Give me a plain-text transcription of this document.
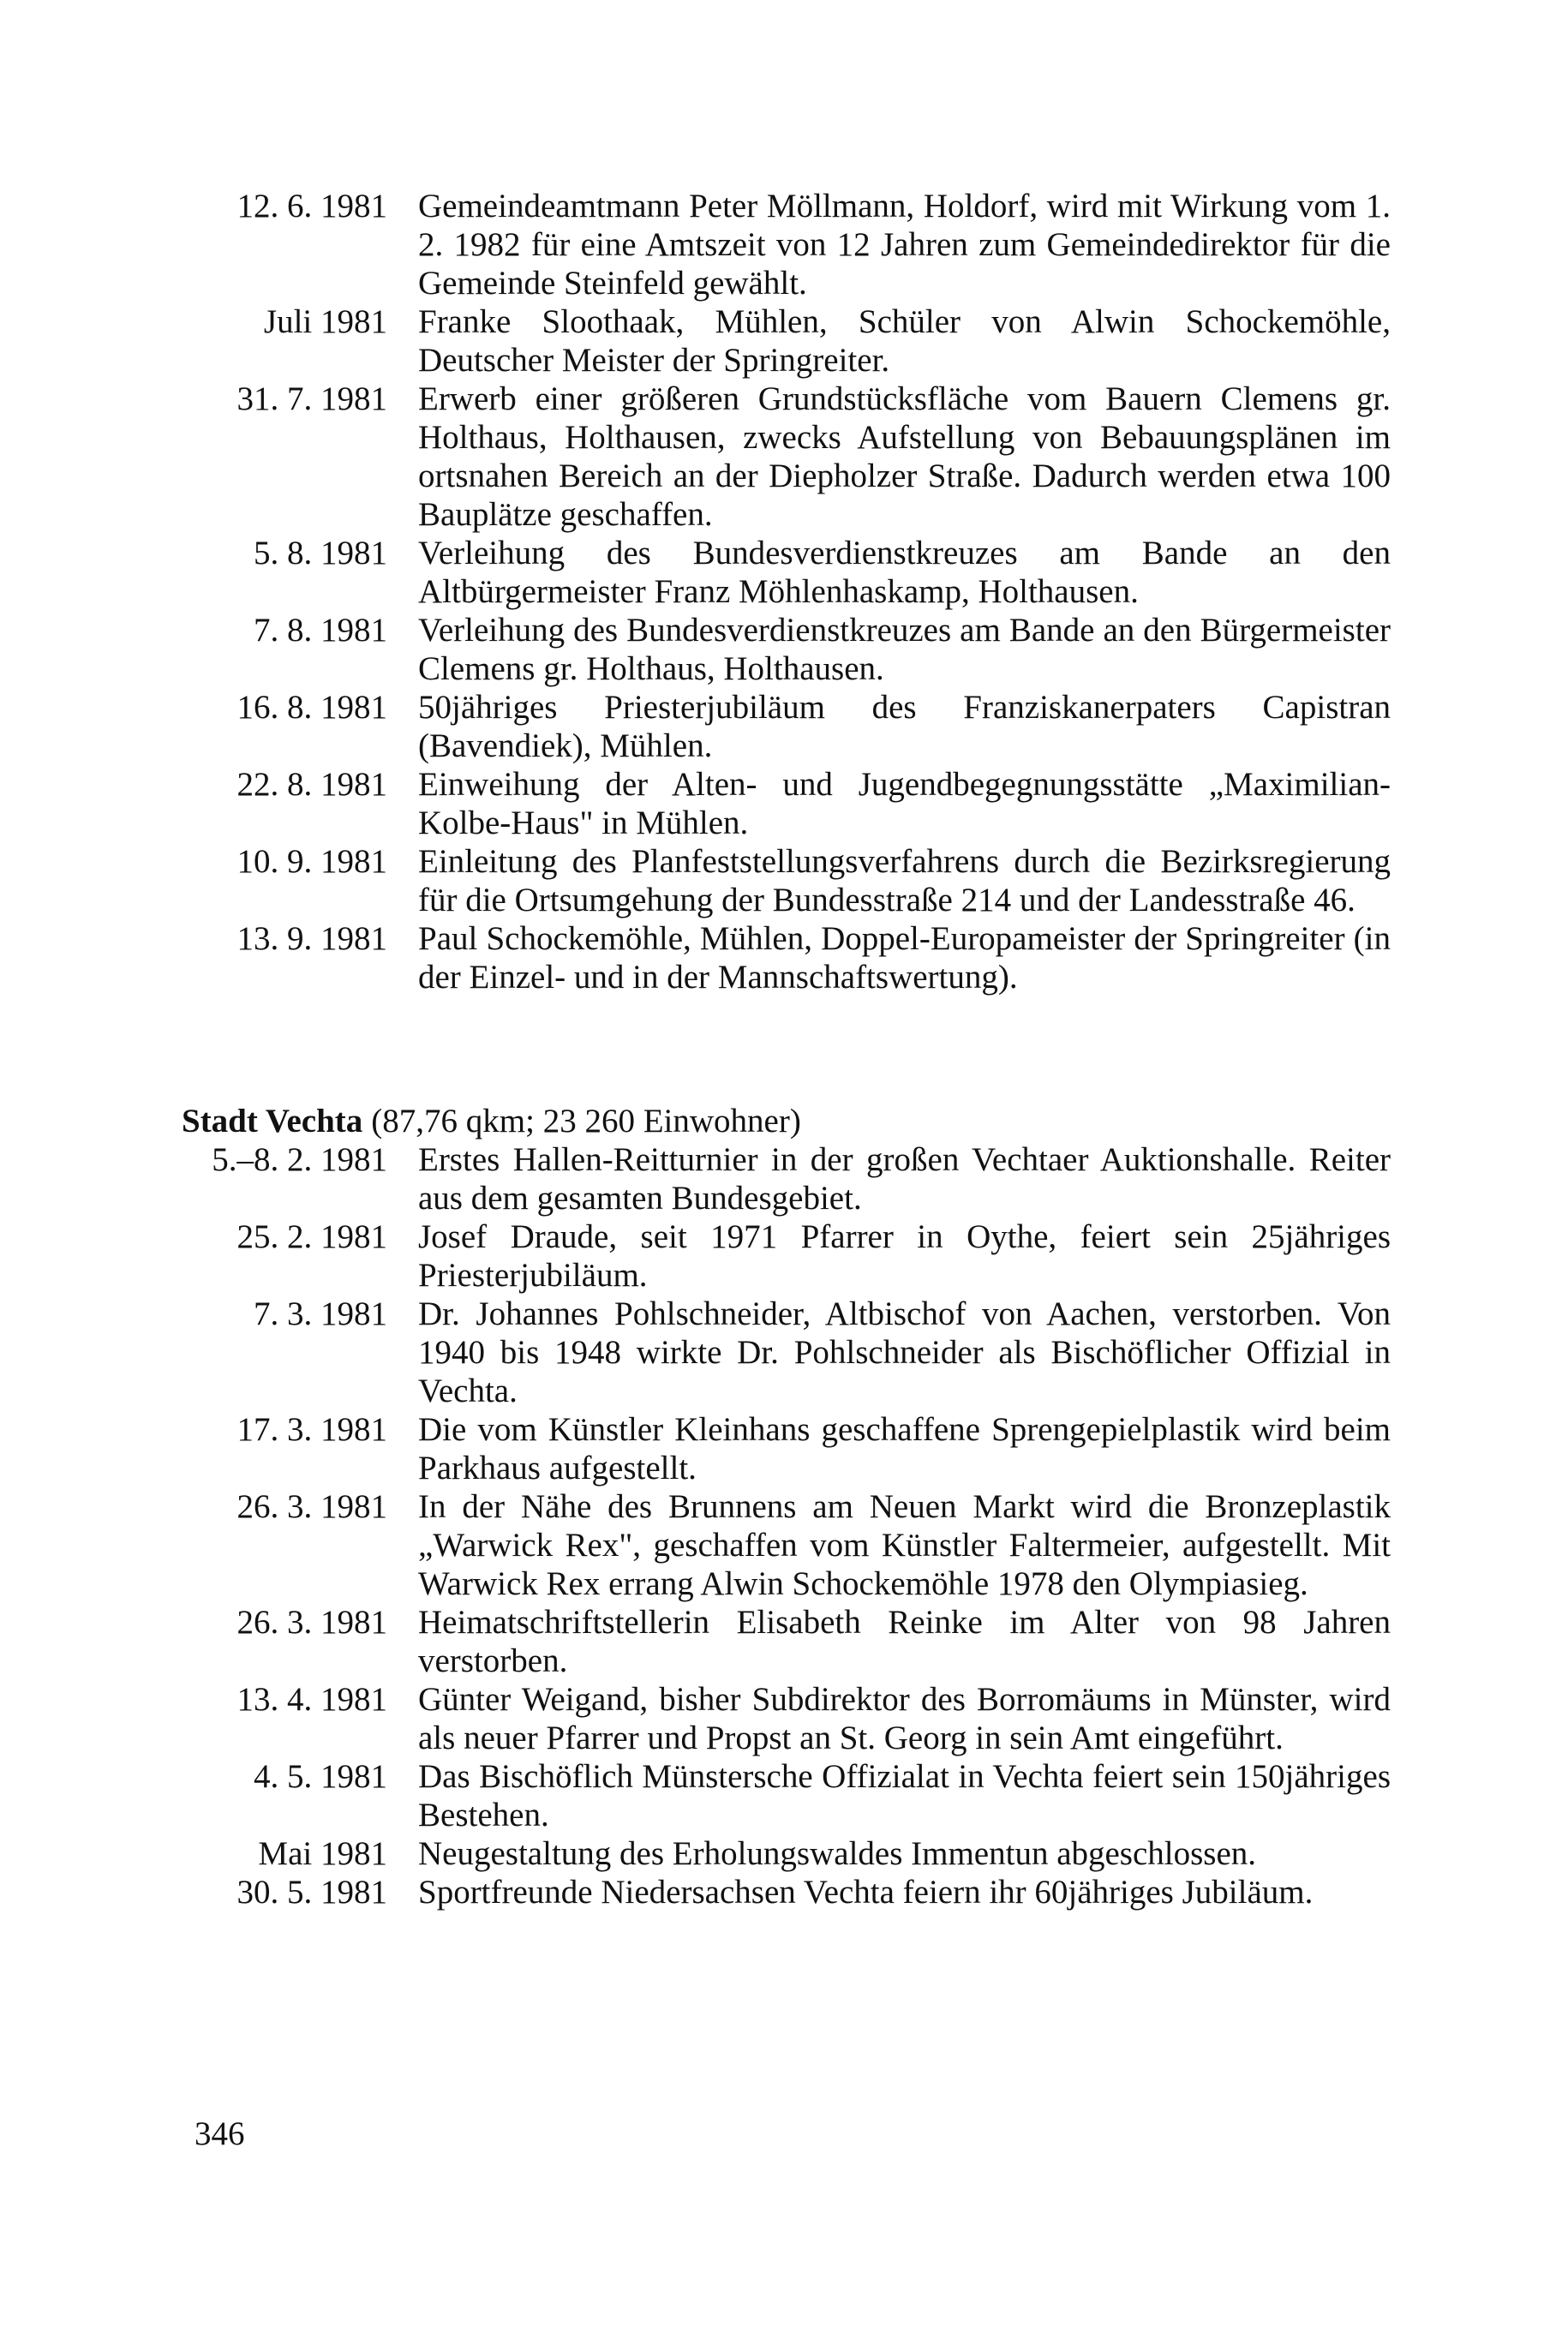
12. 6. 1981 Gemeindeamtmann Peter Möllmann, Holdorf, wird mit Wirkung vom 1. 2. 1982 für eine Amtszeit von 12 Jahren zum Gemeindedirektor für die Gemeinde Steinfeld gewählt.
Juli 1981 Franke Sloothaak, Mühlen, Schüler von Alwin Schockemöhle, Deutscher Meister der Springreiter.
31. 7. 1981 Erwerb einer größeren Grundstücksfläche vom Bauern Clemens gr. Holthaus, Holthausen, zwecks Aufstellung von Bebauungsplänen im ortsnahen Bereich an der Diepholzer Straße. Dadurch werden etwa 100 Bauplätze geschaffen.
5. 8. 1981 Verleihung des Bundesverdienstkreuzes am Bande an den Altbürgermeister Franz Möhlenhaskamp, Holthausen.
7. 8. 1981 Verleihung des Bundesverdienstkreuzes am Bande an den Bürgermeister Clemens gr. Holthaus, Holthausen.
16. 8. 1981 50jähriges Priesterjubiläum des Franziskanerpaters Capistran (Bavendiek), Mühlen.
22. 8. 1981 Einweihung der Alten- und Jugendbegegnungsstätte „Maximilian-Kolbe-Haus" in Mühlen.
10. 9. 1981 Einleitung des Planfeststellungsverfahrens durch die Bezirksregierung für die Ortsumgehung der Bundesstraße 214 und der Landesstraße 46.
13. 9. 1981 Paul Schockemöhle, Mühlen, Doppel-Europameister der Springreiter (in der Einzel- und in der Mannschaftswertung).
Stadt Vechta (87,76 qkm; 23 260 Einwohner)
5.–8. 2. 1981 Erstes Hallen-Reitturnier in der großen Vechtaer Auktionshalle. Reiter aus dem gesamten Bundesgebiet.
25. 2. 1981 Josef Draude, seit 1971 Pfarrer in Oythe, feiert sein 25jähriges Priesterjubiläum.
7. 3. 1981 Dr. Johannes Pohlschneider, Altbischof von Aachen, verstorben. Von 1940 bis 1948 wirkte Dr. Pohlschneider als Bischöflicher Offizial in Vechta.
17. 3. 1981 Die vom Künstler Kleinhans geschaffene Sprengepielplastik wird beim Parkhaus aufgestellt.
26. 3. 1981 In der Nähe des Brunnens am Neuen Markt wird die Bronzeplastik „Warwick Rex", geschaffen vom Künstler Faltermeier, aufgestellt. Mit Warwick Rex errang Alwin Schockemöhle 1978 den Olympiasieg.
26. 3. 1981 Heimatschriftstellerin Elisabeth Reinke im Alter von 98 Jahren verstorben.
13. 4. 1981 Günter Weigand, bisher Subdirektor des Borromäums in Münster, wird als neuer Pfarrer und Propst an St. Georg in sein Amt eingeführt.
4. 5. 1981 Das Bischöflich Münstersche Offizialat in Vechta feiert sein 150jähriges Bestehen.
Mai 1981 Neugestaltung des Erholungswaldes Immentun abgeschlossen.
30. 5. 1981 Sportfreunde Niedersachsen Vechta feiern ihr 60jähriges Jubiläum.
346
